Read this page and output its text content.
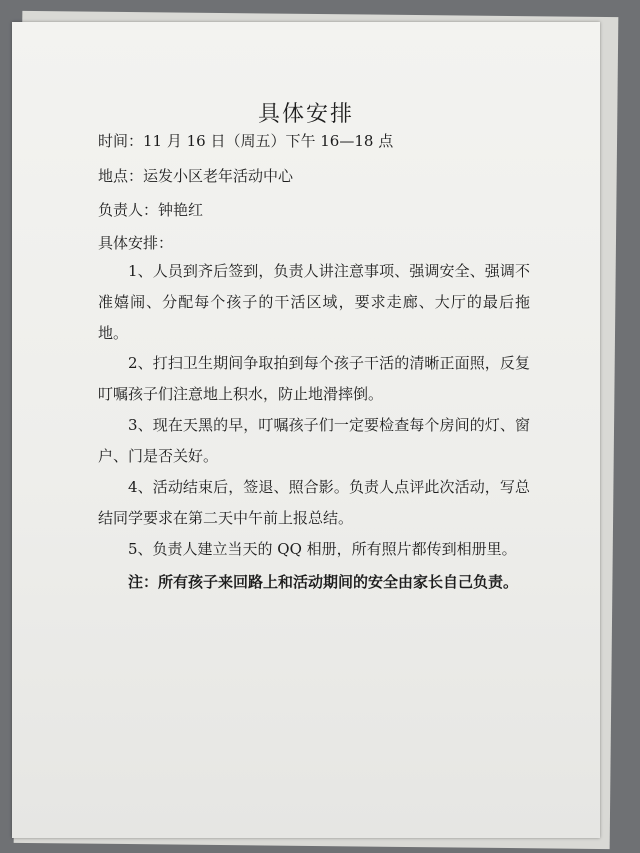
具体安排
时间：11 月 16 日（周五）下午 16—18 点
地点：运发小区老年活动中心
负责人：钟艳红
具体安排：
1、人员到齐后签到，负责人讲注意事项、强调安全、强调不准嬉闹、分配每个孩子的干活区域，要求走廊、大厅的最后拖地。
2、打扫卫生期间争取拍到每个孩子干活的清晰正面照，反复叮嘱孩子们注意地上积水，防止地滑摔倒。
3、现在天黑的早，叮嘱孩子们一定要检查每个房间的灯、窗户、门是否关好。
4、活动结束后，签退、照合影。负责人点评此次活动，写总结同学要求在第二天中午前上报总结。
5、负责人建立当天的 QQ 相册，所有照片都传到相册里。
注：所有孩子来回路上和活动期间的安全由家长自己负责。
